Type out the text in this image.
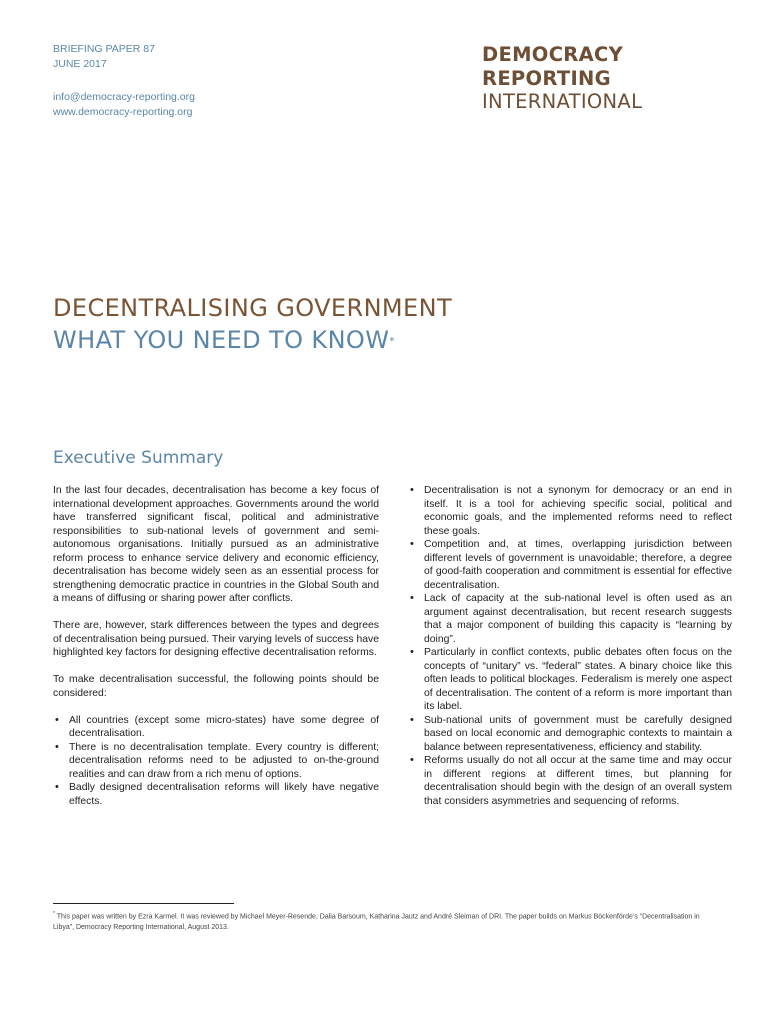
BRIEFING PAPER 87
JUNE 2017
info@democracy-reporting.org
www.democracy-reporting.org
DEMOCRACY
REPORTING
INTERNATIONAL
DECENTRALISING GOVERNMENT
WHAT YOU NEED TO KNOW*
Executive Summary

In the last four decades, decentralisation has become a key focus of international development approaches. Governments around the world have transferred significant fiscal, political and administrative responsibilities to sub-national levels of government and semi-autonomous organisations. Initially pursued as an administrative reform process to enhance service delivery and economic efficiency, decentralisation has become widely seen as an essential process for strengthening democratic practice in countries in the Global South and a means of diffusing or sharing power after conflicts.

There are, however, stark differences between the types and degrees of decentralisation being pursued. Their varying levels of success have highlighted key factors for designing effective decentralisation reforms.

To make decentralisation successful, the following points should be considered:

• All countries (except some micro-states) have some degree of decentralisation.
• There is no decentralisation template. Every country is different; decentralisation reforms need to be adjusted to on-the-ground realities and can draw from a rich menu of options.
• Badly designed decentralisation reforms will likely have negative effects.
• Decentralisation is not a synonym for democracy or an end in itself. It is a tool for achieving specific social, political and economic goals, and the implemented reforms need to reflect these goals.
• Competition and, at times, overlapping jurisdiction between different levels of government is unavoidable; therefore, a degree of good-faith cooperation and commitment is essential for effective decentralisation.
• Lack of capacity at the sub-national level is often used as an argument against decentralisation, but recent research suggests that a major component of building this capacity is “learning by doing”.
• Particularly in conflict contexts, public debates often focus on the concepts of “unitary” vs. “federal” states. A binary choice like this often leads to political blockages. Federalism is merely one aspect of decentralisation. The content of a reform is more important than its label.
• Sub-national units of government must be carefully designed based on local economic and demographic contexts to maintain a balance between representativeness, efficiency and stability.
• Reforms usually do not all occur at the same time and may occur in different regions at different times, but planning for decentralisation should begin with the design of an overall system that considers asymmetries and sequencing of reforms.
* This paper was written by Ezra Karmel. It was reviewed by Michael Meyer-Resende, Dalia Barsoum, Katharina Jautz and André Sleiman of DRI. The paper builds on Markus Böckenförde’s “Decentralisation in Libya”, Democracy Reporting International, August 2013.
